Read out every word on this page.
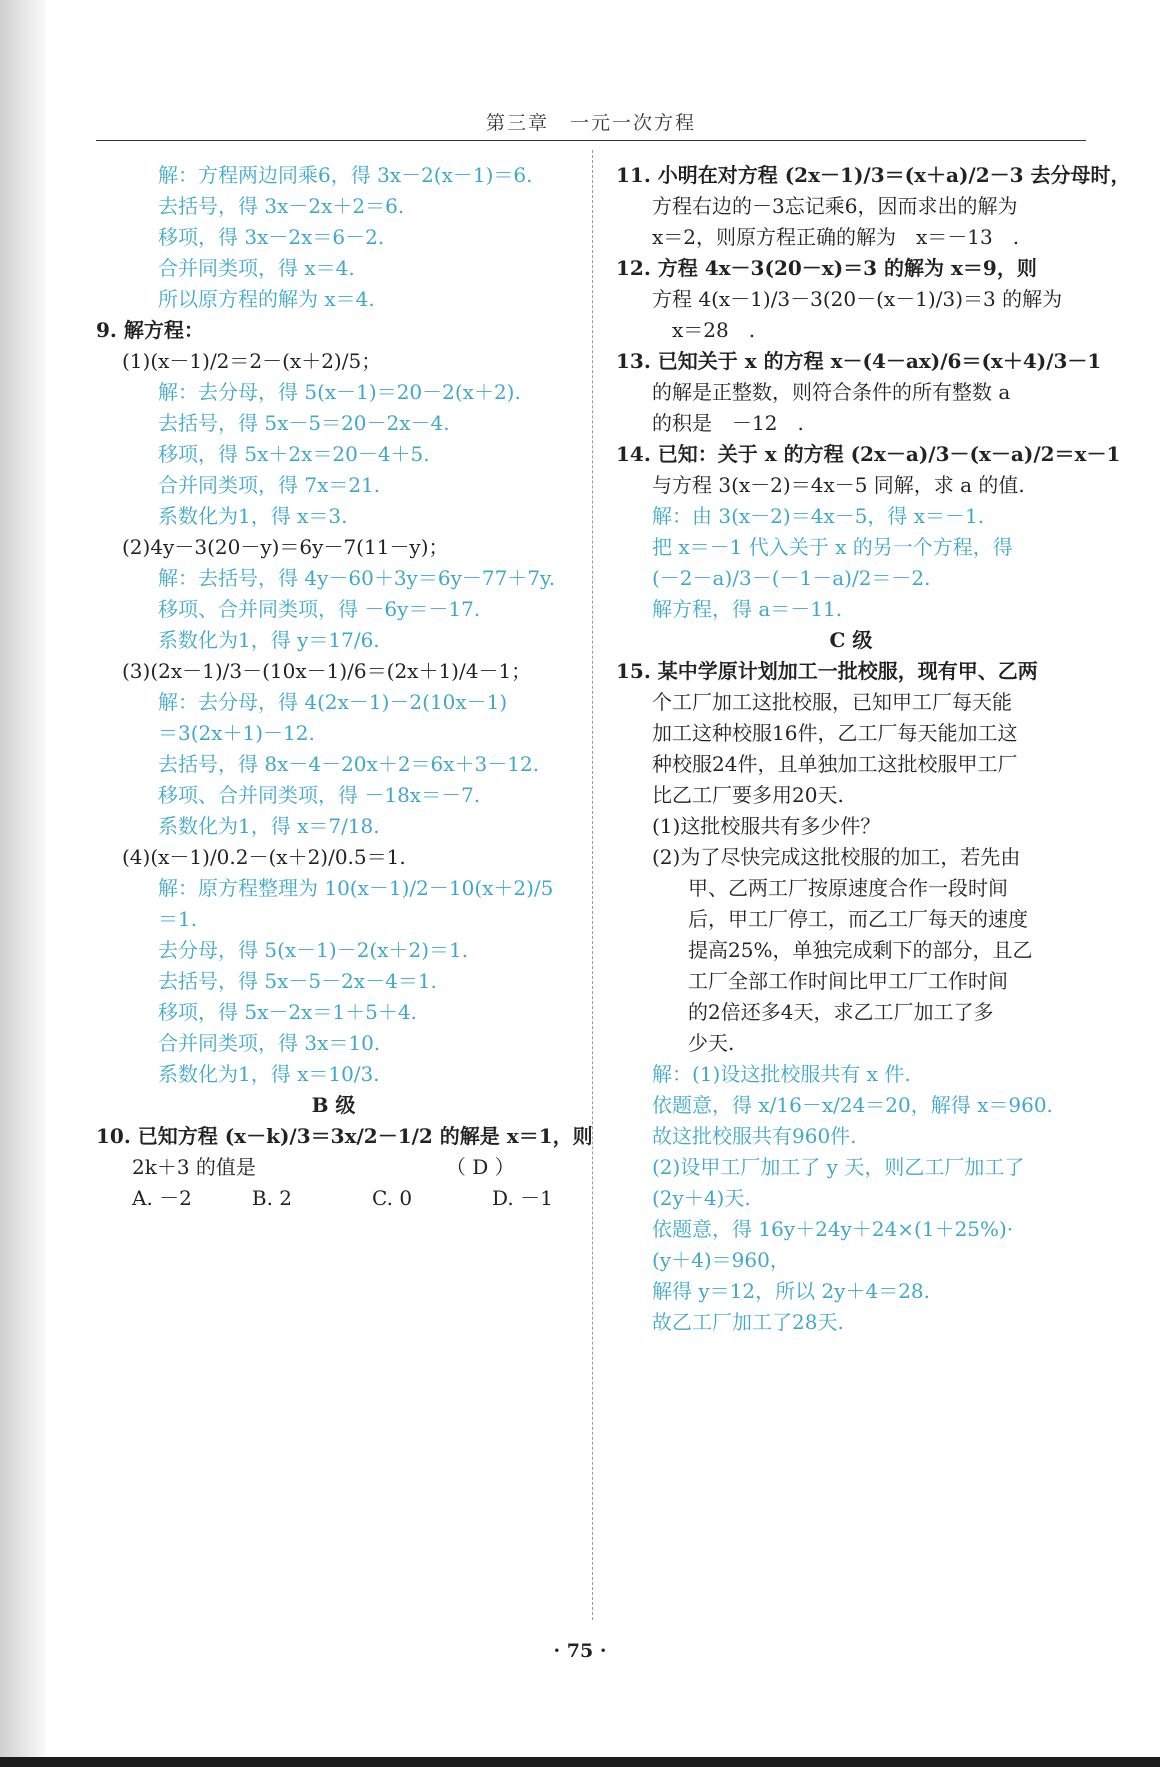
第三章　一元一次方程
解：方程两边同乘6，得 3x－2(x－1)＝6.
去括号，得 3x－2x＋2＝6.
移项，得 3x－2x＝6－2.
合并同类项，得 x＝4.
所以原方程的解为 x＝4.
9. 解方程：
(1)(x－1)/2＝2－(x＋2)/5；
解：去分母，得 5(x－1)＝20－2(x＋2).
去括号，得 5x－5＝20－2x－4.
移项，得 5x＋2x＝20－4＋5.
合并同类项，得 7x＝21.
系数化为1，得 x＝3.
(2)4y－3(20－y)＝6y－7(11－y)；
解：去括号，得 4y－60＋3y＝6y－77＋7y.
移项、合并同类项，得 －6y＝－17.
系数化为1，得 y＝17/6.
(3)(2x－1)/3－(10x－1)/6＝(2x＋1)/4－1；
解：去分母，得 4(2x－1)－2(10x－1)
＝3(2x＋1)－12.
去括号，得 8x－4－20x＋2＝6x＋3－12.
移项、合并同类项，得 －18x＝－7.
系数化为1，得 x＝7/18.
(4)(x－1)/0.2－(x＋2)/0.5＝1.
解：原方程整理为 10(x－1)/2－10(x＋2)/5
＝1.
去分母，得 5(x－1)－2(x＋2)＝1.
去括号，得 5x－5－2x－4＝1.
移项，得 5x－2x＝1＋5＋4.
合并同类项，得 3x＝10.
系数化为1，得 x＝10/3.
B 级
10. 已知方程 (x－k)/3＝3x/2－1/2 的解是 x＝1，则
2k＋3 的值是　　　　　　　　　　（ D ）
A. －2　　　B. 2　　　　C. 0　　　　D. －1
11. 小明在对方程 (2x－1)/3＝(x＋a)/2－3 去分母时，
方程右边的－3忘记乘6，因而求出的解为
x＝2，则原方程正确的解为　x＝－13　.
12. 方程 4x－3(20－x)＝3 的解为 x＝9，则
方程 4(x－1)/3－3(20－(x－1)/3)＝3 的解为
　x＝28　.
13. 已知关于 x 的方程 x－(4－ax)/6＝(x＋4)/3－1
的解是正整数，则符合条件的所有整数 a
的积是　－12　.
14. 已知：关于 x 的方程 (2x－a)/3－(x－a)/2＝x－1
与方程 3(x－2)＝4x－5 同解，求 a 的值.
解：由 3(x－2)＝4x－5，得 x＝－1.
把 x＝－1 代入关于 x 的另一个方程，得
(－2－a)/3－(－1－a)/2＝－2.
解方程，得 a＝－11.
C 级
15. 某中学原计划加工一批校服，现有甲、乙两
个工厂加工这批校服，已知甲工厂每天能
加工这种校服16件，乙工厂每天能加工这
种校服24件，且单独加工这批校服甲工厂
比乙工厂要多用20天.
(1)这批校服共有多少件？
(2)为了尽快完成这批校服的加工，若先由
甲、乙两工厂按原速度合作一段时间
后，甲工厂停工，而乙工厂每天的速度
提高25%，单独完成剩下的部分，且乙
工厂全部工作时间比甲工厂工作时间
的2倍还多4天，求乙工厂加工了多
少天.
解：(1)设这批校服共有 x 件.
依题意，得 x/16－x/24＝20，解得 x＝960.
故这批校服共有960件.
(2)设甲工厂加工了 y 天，则乙工厂加工了
(2y＋4)天.
依题意，得 16y＋24y＋24×(1＋25%)·
(y＋4)＝960，
解得 y＝12，所以 2y＋4＝28.
故乙工厂加工了28天.
· 75 ·
